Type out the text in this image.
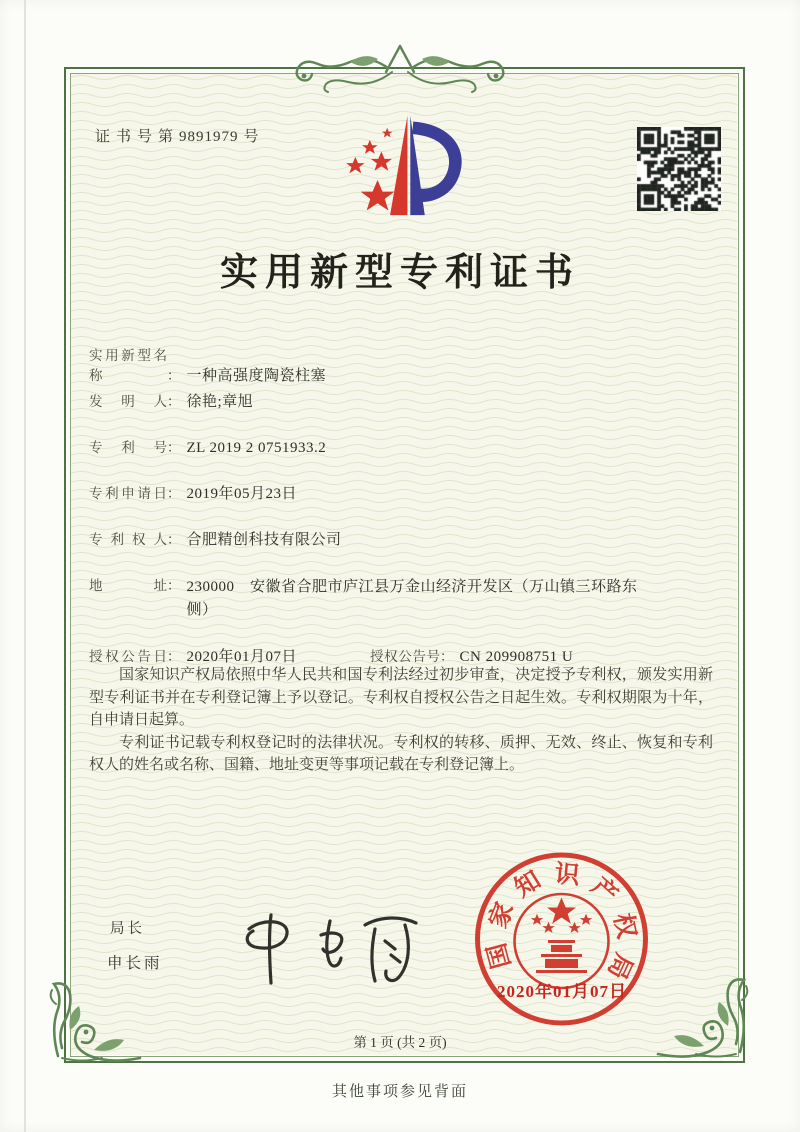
证书号第9891979 号
实用新型专利证书
实用新型名称	： 一种高强度陶瓷柱塞
发明人： 徐艳;章旭
专利号： ZL 2019 2 0751933.2
专利申请日： 2019年05月23日
专利权人： 合肥精创科技有限公司
地址： 230000　安徽省合肥市庐江县万金山经济开发区（万山镇三环路东侧）
授权公告日： 2020年01月07日	授权公告号： CN 209908751 U

国家知识产权局依照中华人民共和国专利法经过初步审查，决定授予专利权，颁发实用新型专利证书并在专利登记簿上予以登记。专利权自授权公告之日起生效。专利权期限为十年，自申请日起算。

专利证书记载专利权登记时的法律状况。专利权的转移、质押、无效、终止、恢复和专利权人的姓名或名称、国籍、地址变更等事项记载在专利登记簿上。

局长
申长雨	国
家
知 识 产
权
局
2020年01月07日
第 1 页 (共 2 页)
其他事项参见背面
